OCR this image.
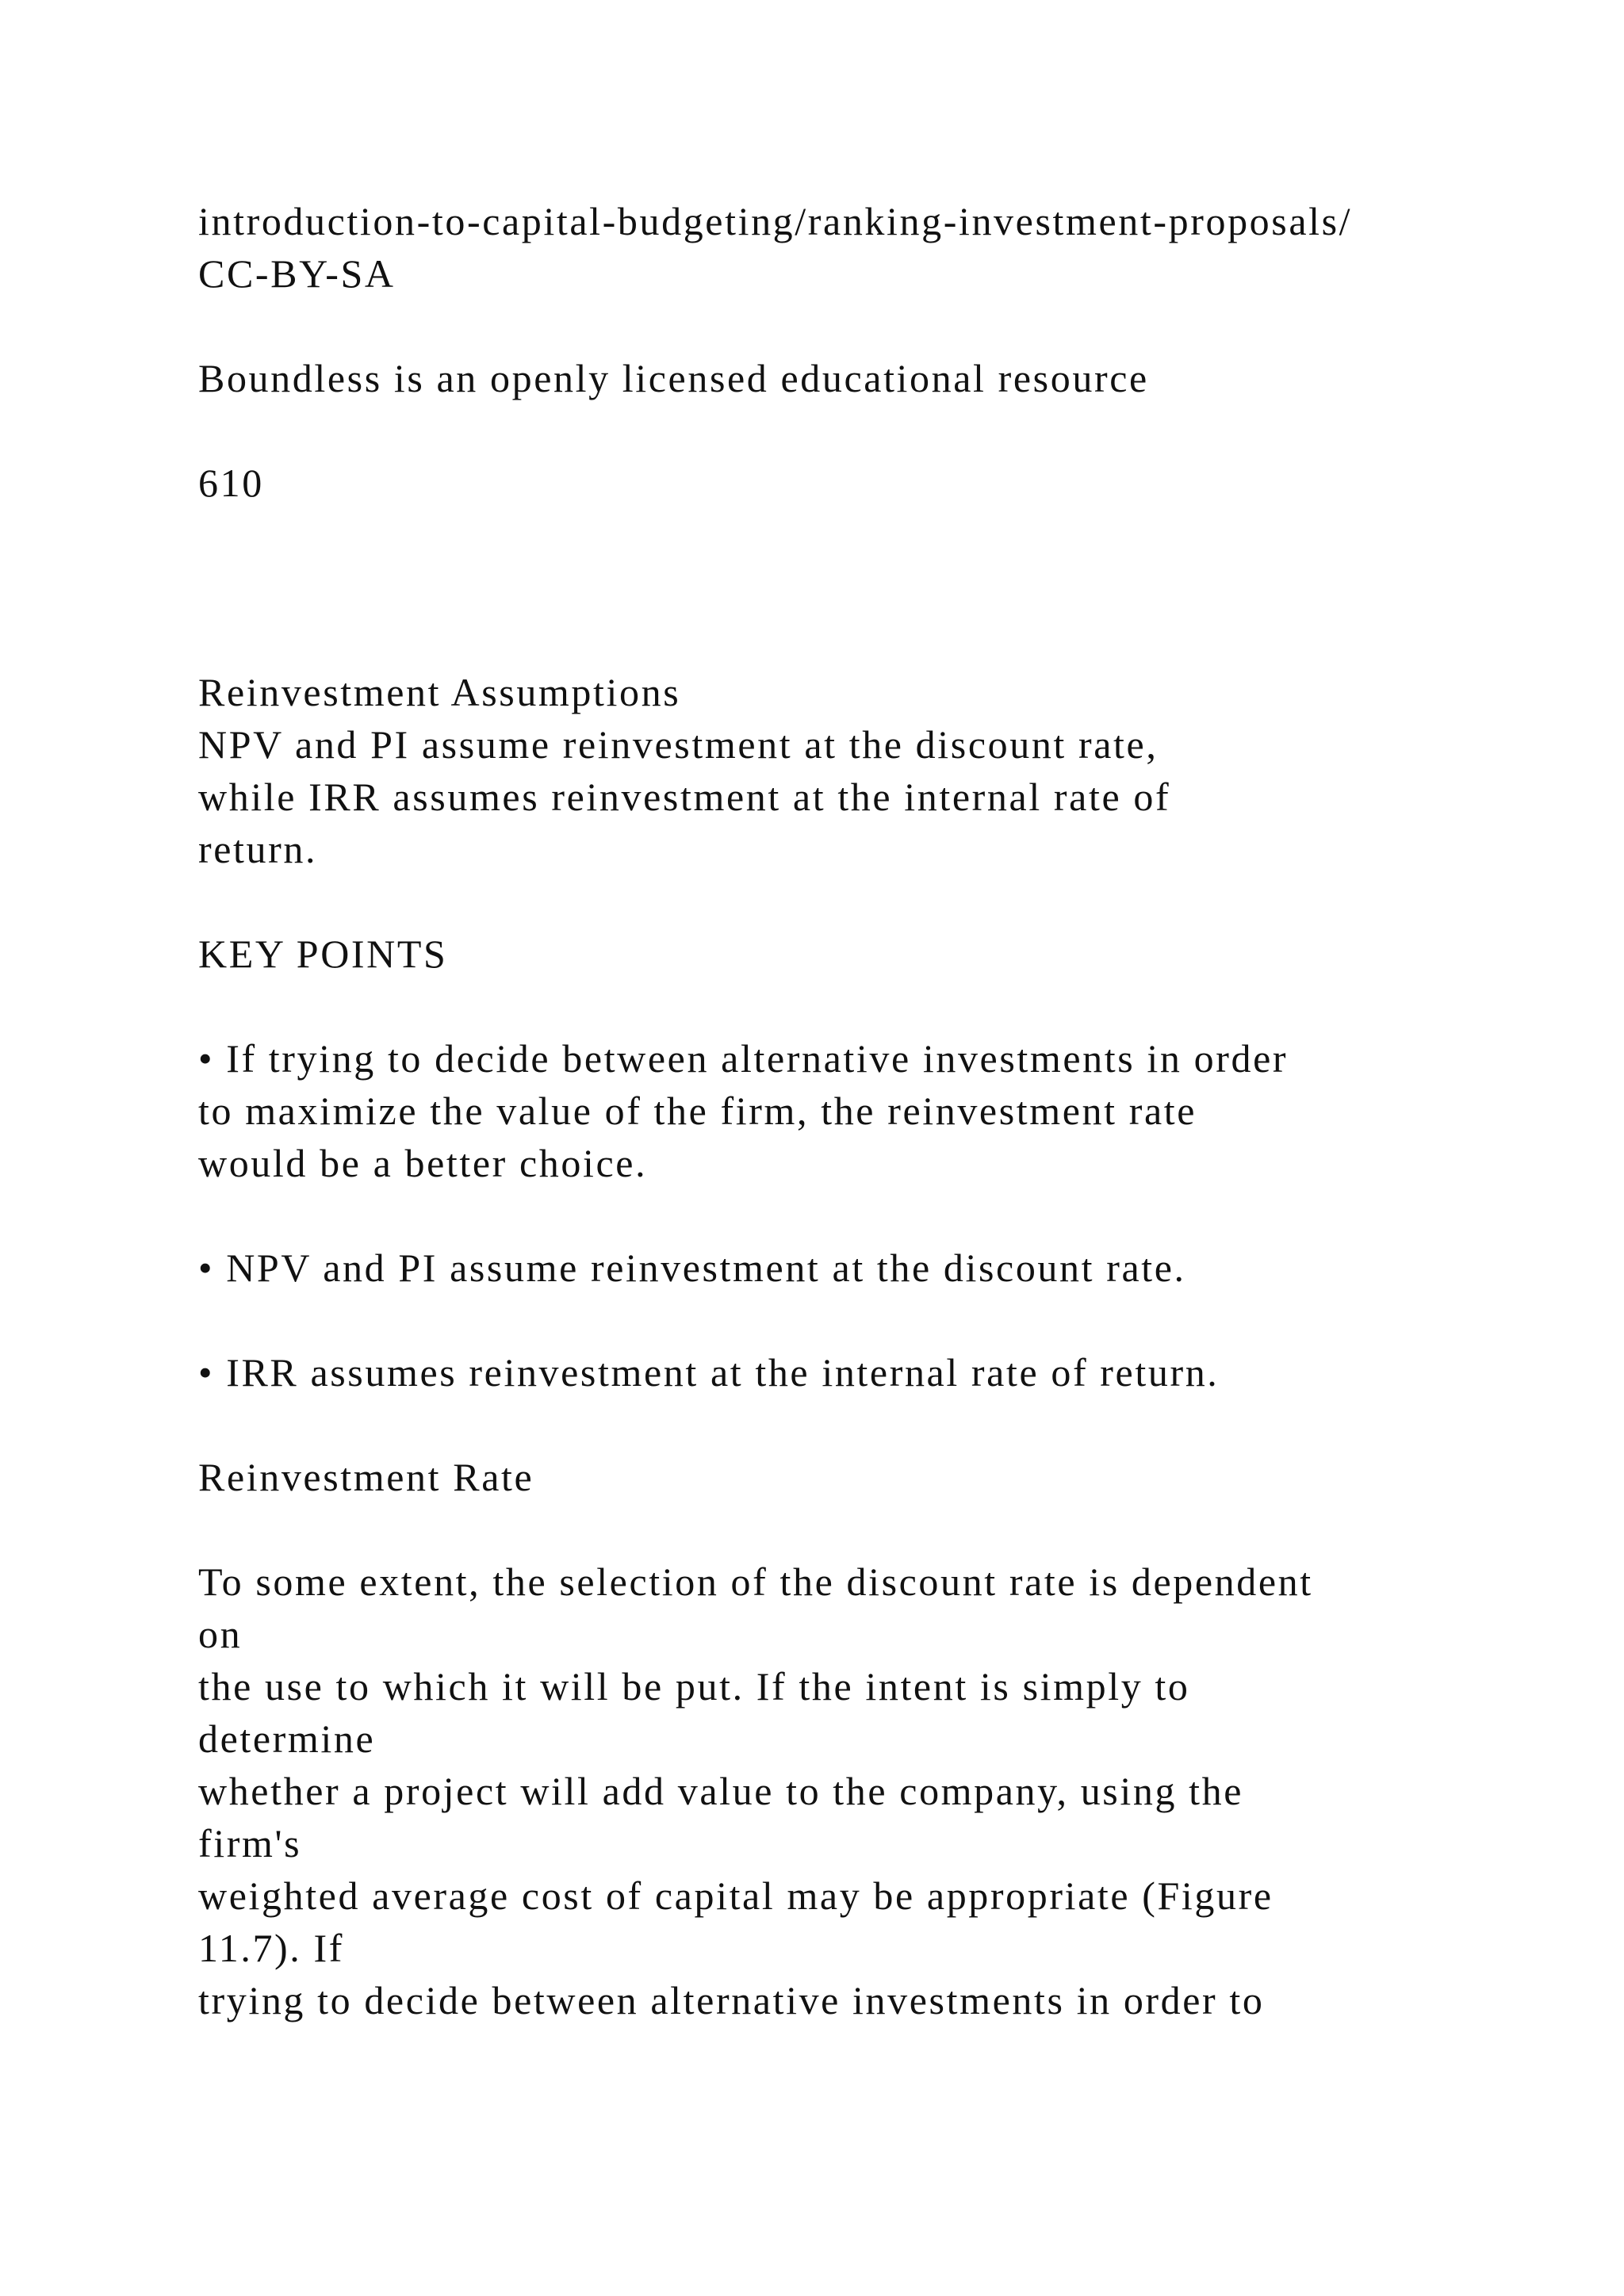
introduction-to-capital-budgeting/ranking-investment-proposals/

CC-BY-SA

Boundless is an openly licensed educational resource

610

Reinvestment Assumptions

NPV and PI assume reinvestment at the discount rate,

while IRR assumes reinvestment at the internal rate of

return.

KEY POINTS

• If trying to decide between alternative investments in order

to maximize the value of the firm, the reinvestment rate

would be a better choice.

• NPV and PI assume reinvestment at the discount rate.

• IRR assumes reinvestment at the internal rate of return.

Reinvestment Rate

To some extent, the selection of the discount rate is dependent

on

the use to which it will be put. If the intent is simply to

determine

whether a project will add value to the company, using the

firm's

weighted average cost of capital may be appropriate (Figure

11.7). If

trying to decide between alternative investments in order to
